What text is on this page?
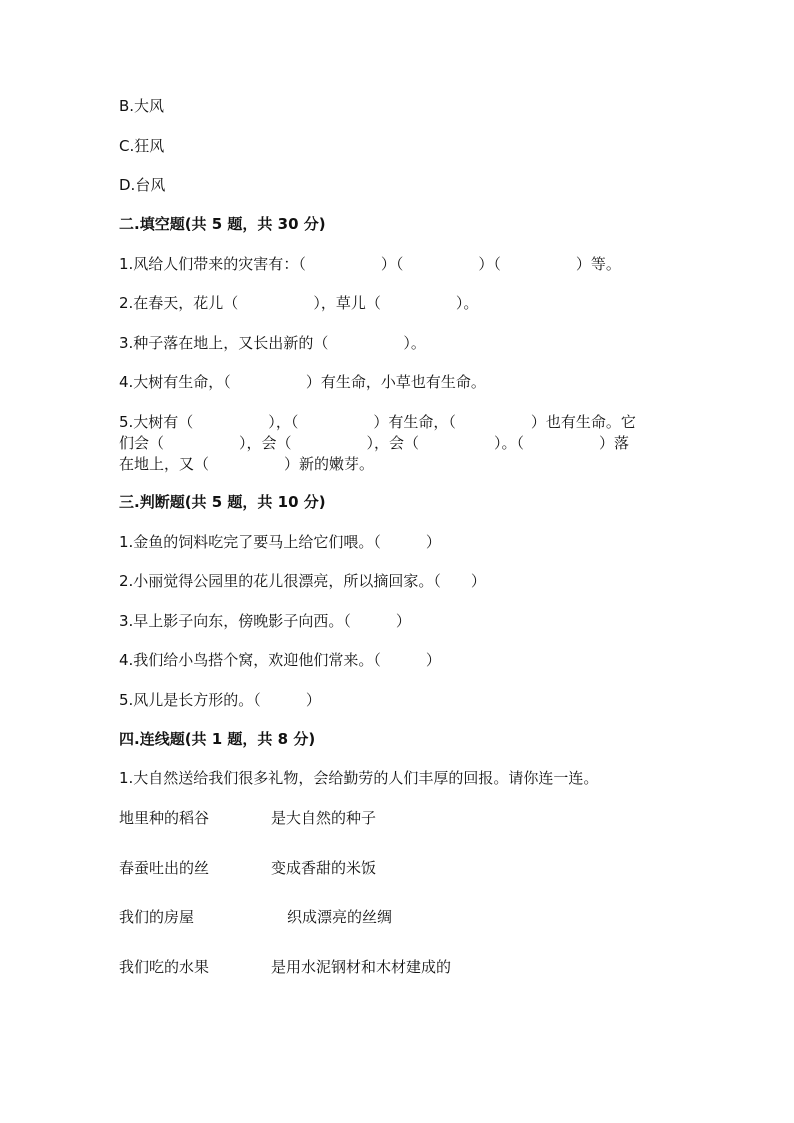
B.大风
C.狂风
D.台风
二.填空题(共 5 题，共 30 分)
1.风给人们带来的灾害有：（　　　　　）（　　　　　）（　　　　　）等。
2.在春天，花儿（　　　　　），草儿（　　　　　）。
3.种子落在地上，又长出新的（　　　　　）。
4.大树有生命，（　　　　　）有生命，小草也有生命。
5.大树有（　　　　　），（　　　　　）有生命，（　　　　　）也有生命。它
们会（　　　　　），会（　　　　　），会（　　　　　）。（　　　　　）落
在地上，又（　　　　　）新的嫩芽。
三.判断题(共 5 题，共 10 分)
1.金鱼的饲料吃完了要马上给它们喂。（　　　）
2.小丽觉得公园里的花儿很漂亮，所以摘回家。（　　）
3.早上影子向东，傍晚影子向西。（　　　）
4.我们给小鸟搭个窝，欢迎他们常来。（　　　）
5.风儿是长方形的。（　　　）
四.连线题(共 1 题，共 8 分)
1.大自然送给我们很多礼物，会给勤劳的人们丰厚的回报。请你连一连。
地里种的稻谷	是大自然的种子
春蚕吐出的丝	变成香甜的米饭
我们的房屋	织成漂亮的丝绸
我们吃的水果	是用水泥钢材和木材建成的
